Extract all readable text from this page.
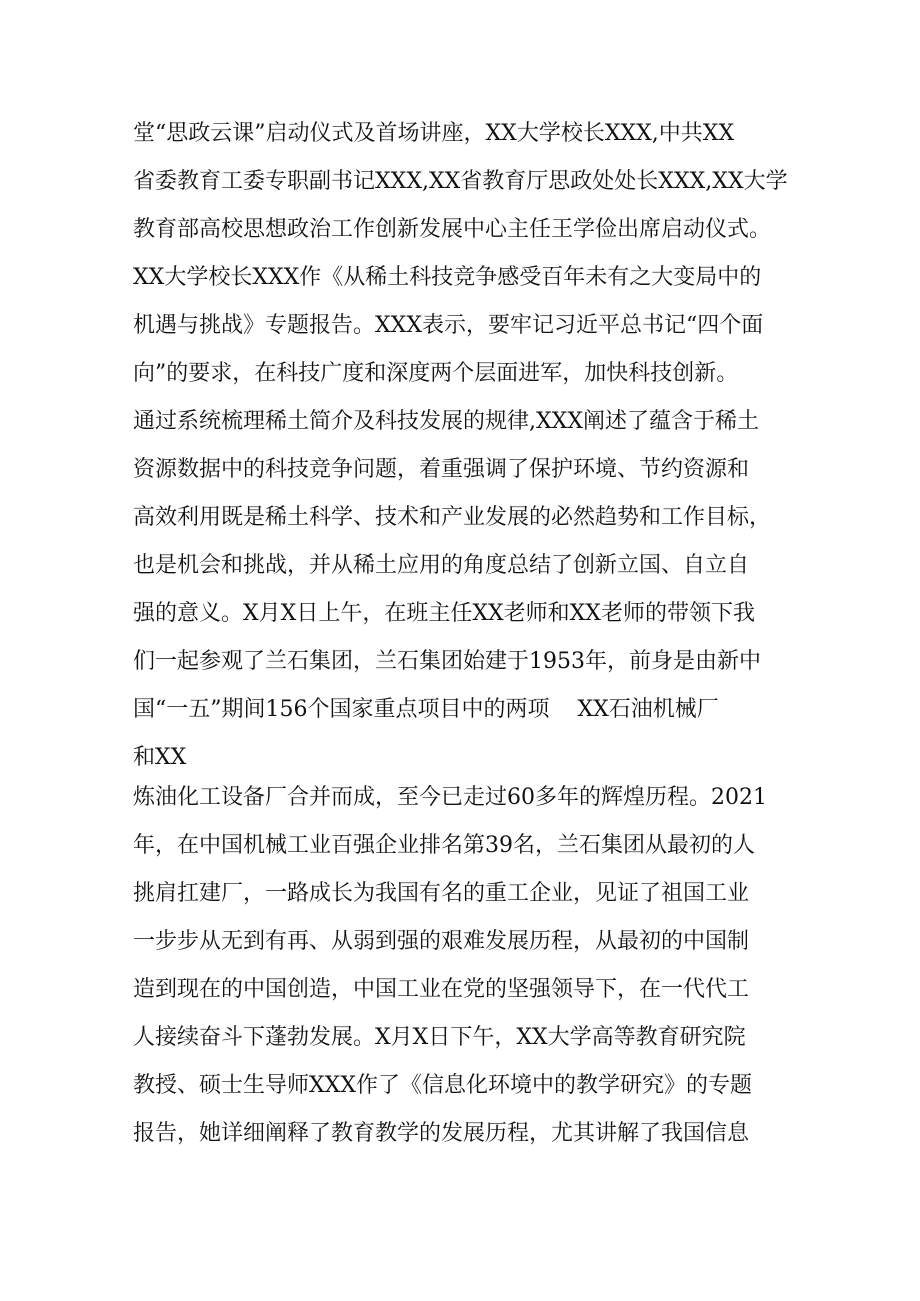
堂“思政云课”启动仪式及首场讲座，XX大学校长XXX,中共XX
省委教育工委专职副书记XXX,XX省教育厅思政处处长XXX,XX大学
教育部高校思想政治工作创新发展中心主任王学俭出席启动仪式。
XX大学校长XXX作《从稀土科技竞争感受百年未有之大变局中的
机遇与挑战》专题报告。XXX表示，要牢记习近平总书记“四个面
向”的要求，在科技广度和深度两个层面进军，加快科技创新。
通过系统梳理稀土简介及科技发展的规律,XXX阐述了蕴含于稀土
资源数据中的科技竞争问题，着重强调了保护环境、节约资源和
高效利用既是稀土科学、技术和产业发展的必然趋势和工作目标，
也是机会和挑战，并从稀土应用的角度总结了创新立国、自立自
强的意义。X月X日上午，在班主任XX老师和XX老师的带领下我
们一起参观了兰石集团，兰石集团始建于1953年，前身是由新中
国“一五”期间156个国家重点项目中的两项    XX石油机械厂
和XX
炼油化工设备厂合并而成，至今已走过60多年的辉煌历程。2021
年，在中国机械工业百强企业排名第39名，兰石集团从最初的人
挑肩扛建厂，一路成长为我国有名的重工企业，见证了祖国工业
一步步从无到有再、从弱到强的艰难发展历程，从最初的中国制
造到现在的中国创造，中国工业在党的坚强领导下，在一代代工
人接续奋斗下蓬勃发展。X月X日下午，XX大学高等教育研究院
教授、硕士生导师XXX作了《信息化环境中的教学研究》的专题
报告，她详细阐释了教育教学的发展历程，尤其讲解了我国信息
